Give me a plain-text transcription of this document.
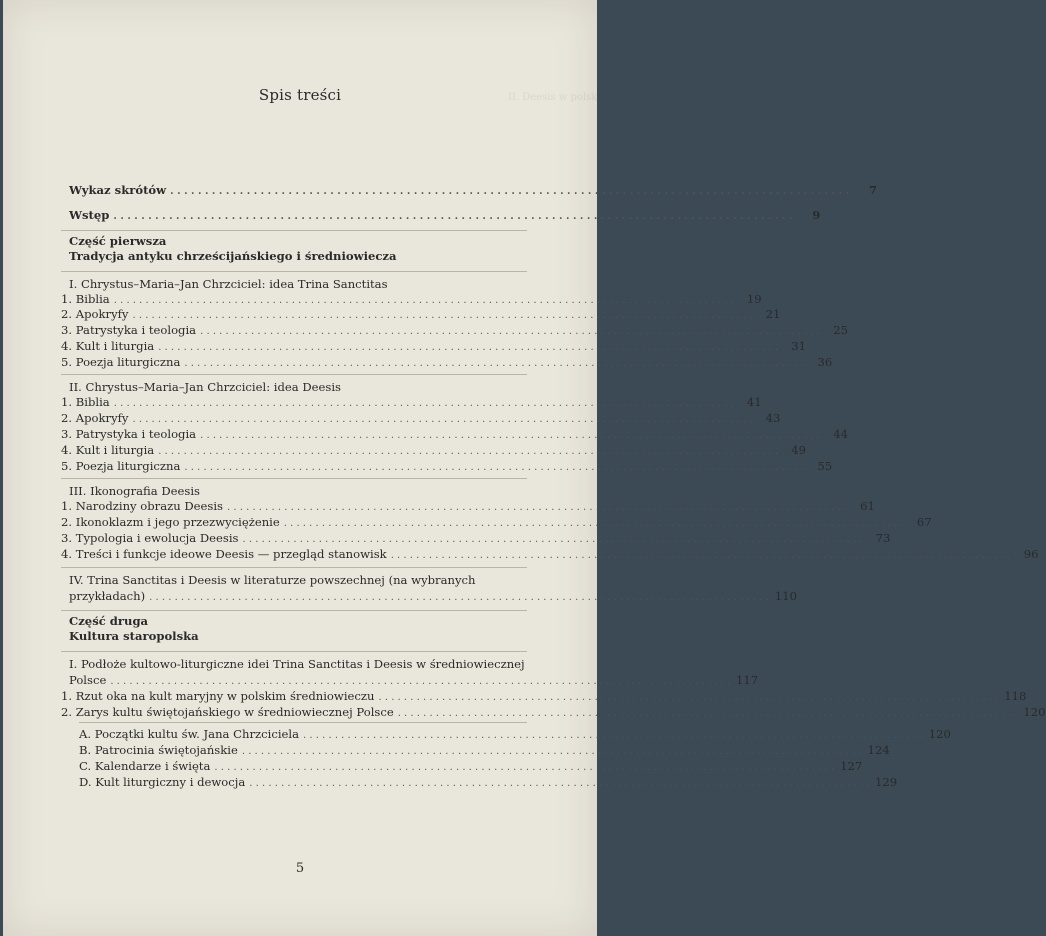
II. Deesis w polskiej sztuce
Spis treści
Wykaz skrótów . . .	7
Wstęp . . .	9
Część pierwsza
Tradycja antyku chrześcijańskiego i średniowiecza
I. Chrystus–Maria–Jan Chrzciciel: idea Trina Sanctitas
1. Biblia . . .	19
2. Apokryfy . . .	21
3. Patrystyka i teologia . . .	25
4. Kult i liturgia . . .	31
5. Poezja liturgiczna . . .	36
II. Chrystus–Maria–Jan Chrzciciel: idea Deesis
1. Biblia . . .	41
2. Apokryfy . . .	43
3. Patrystyka i teologia . . .	44
4. Kult i liturgia . . .	49
5. Poezja liturgiczna . . .	55
III. Ikonografia Deesis
1. Narodziny obrazu Deesis . . .	61
2. Ikonoklazm i jego przezwyciężenie . . .	67
3. Typologia i ewolucja Deesis . . .	73
4. Treści i funkcje ideowe Deesis — przegląd stanowisk . . .	96
IV. Trina Sanctitas i Deesis w literaturze powszechnej (na wybranych
przykładach) . . .	110
Część druga
Kultura staropolska
I. Podłoże kultowo-liturgiczne idei Trina Sanctitas i Deesis w średniowiecznej
Polsce . . .	117
1. Rzut oka na kult maryjny w polskim średniowieczu . . .	118
2. Zarys kultu świętojańskiego w średniowiecznej Polsce . . .	120
A. Początki kultu św. Jana Chrzciciela . . .	120
B. Patrocinia świętojańskie . . .	124
C. Kalendarze i święta . . .	127
D. Kult liturgiczny i dewocja . . .	129
5
